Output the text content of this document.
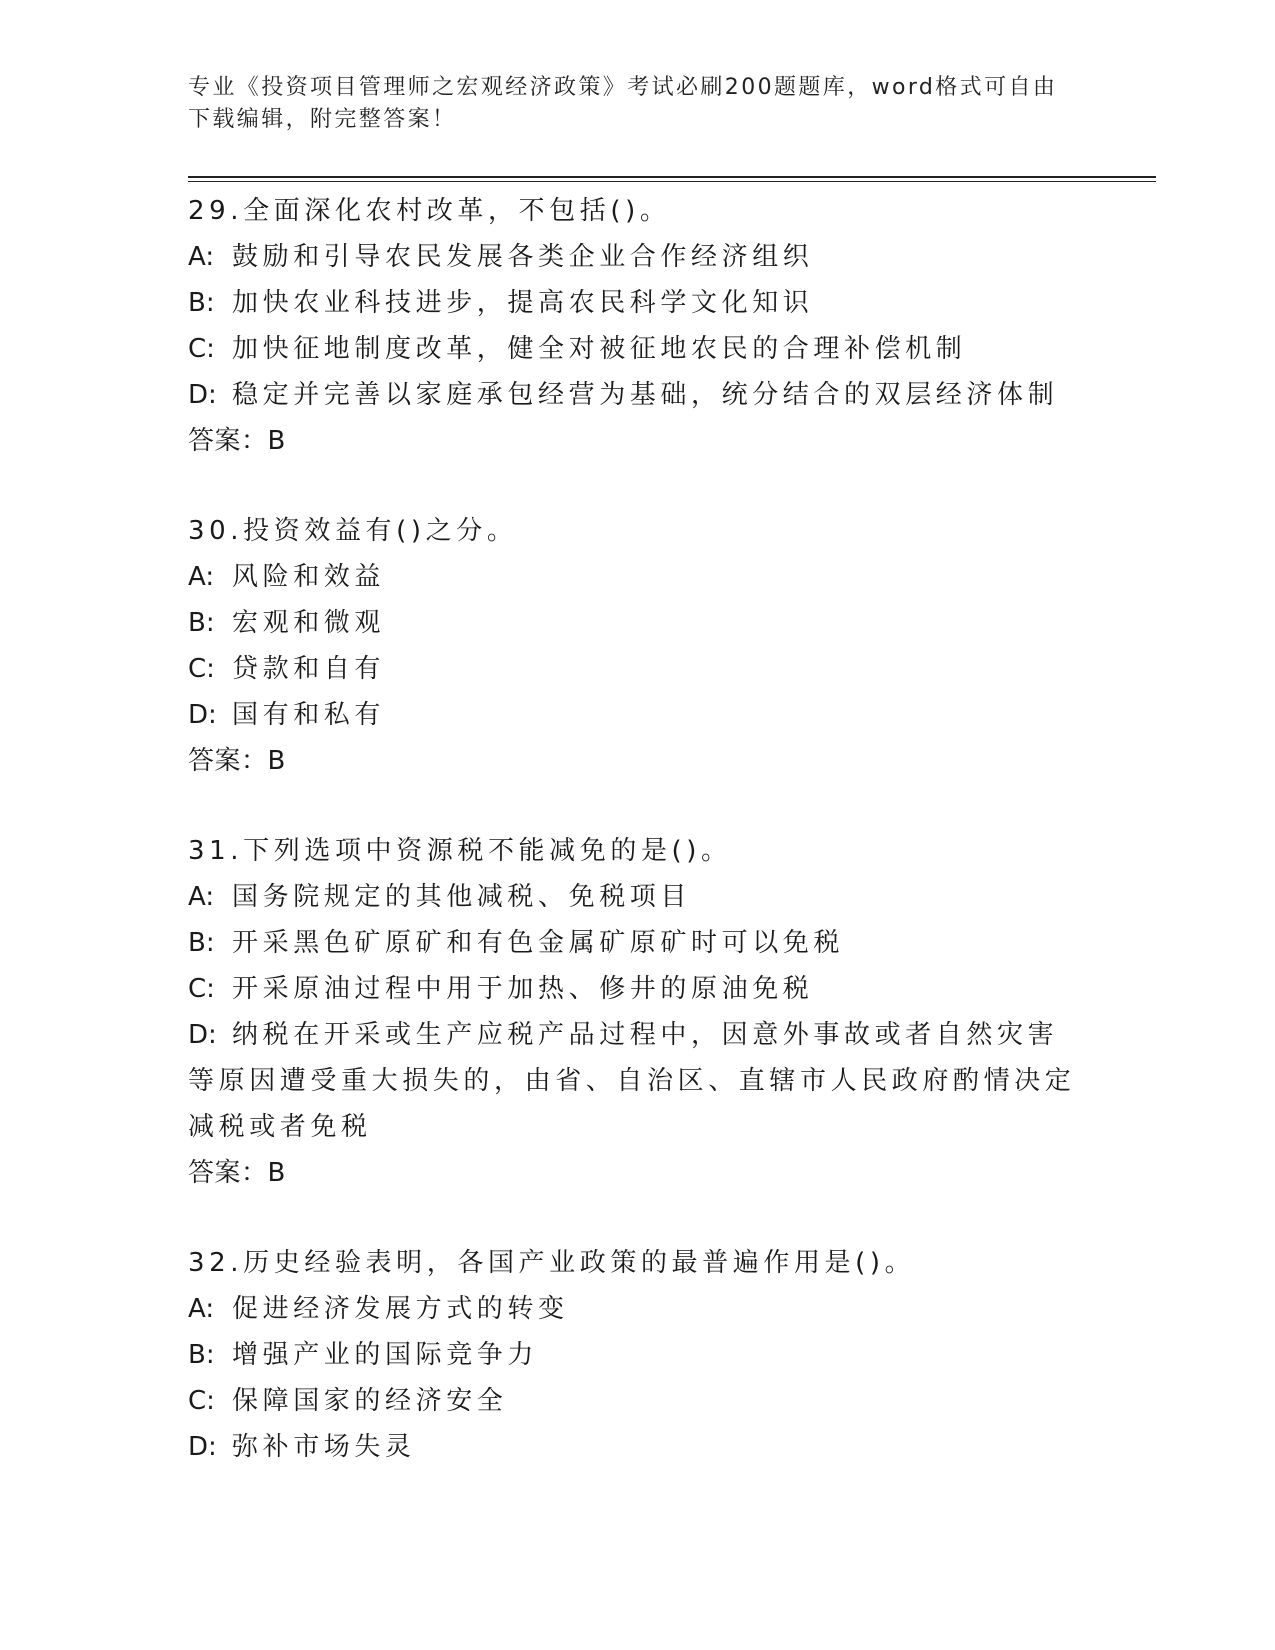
专业《投资项目管理师之宏观经济政策》考试必刷200题题库，word格式可自由
下载编辑，附完整答案！
29.全面深化农村改革，不包括()。
A: 鼓励和引导农民发展各类企业合作经济组织
B: 加快农业科技进步，提高农民科学文化知识
C: 加快征地制度改革，健全对被征地农民的合理补偿机制
D: 稳定并完善以家庭承包经营为基础，统分结合的双层经济体制
答案：B
30.投资效益有()之分。
A: 风险和效益
B: 宏观和微观
C: 贷款和自有
D: 国有和私有
答案：B
31.下列选项中资源税不能减免的是()。
A: 国务院规定的其他减税、免税项目
B: 开采黑色矿原矿和有色金属矿原矿时可以免税
C: 开采原油过程中用于加热、修井的原油免税
D: 纳税在开采或生产应税产品过程中，因意外事故或者自然灾害等原因遭受重大损失的，由省、自治区、直辖市人民政府酌情决定减税或者免税
答案：B
32.历史经验表明，各国产业政策的最普遍作用是()。
A: 促进经济发展方式的转变
B: 增强产业的国际竞争力
C: 保障国家的经济安全
D: 弥补市场失灵
